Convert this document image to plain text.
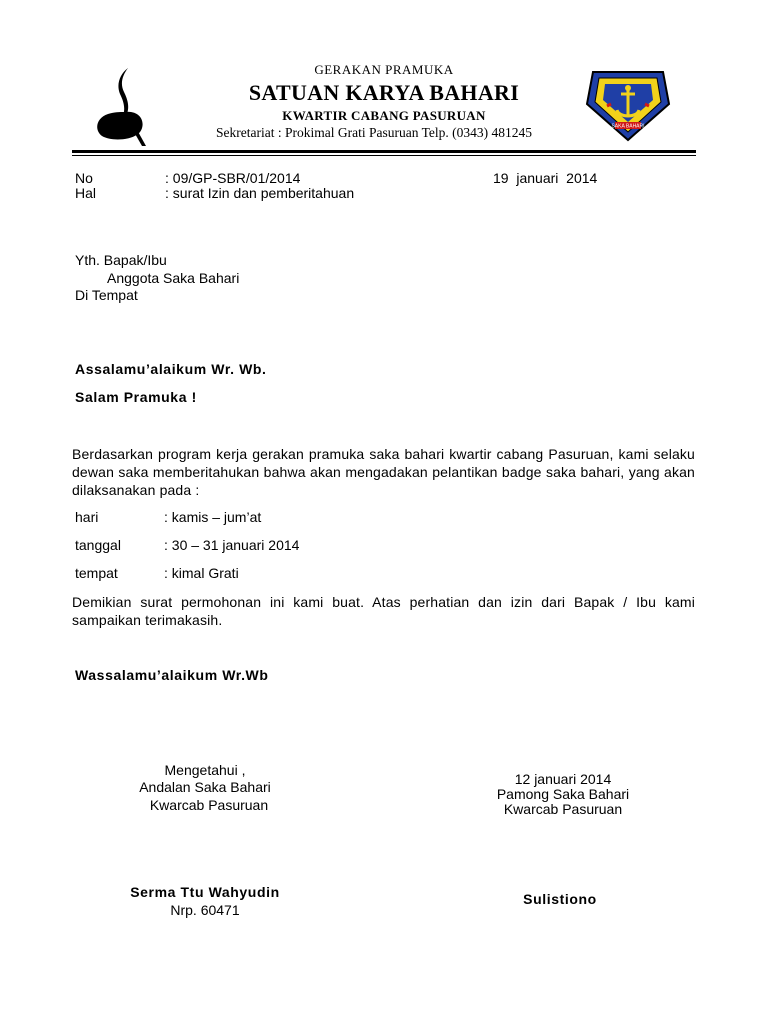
GERAKAN PRAMUKA
SATUAN KARYA BAHARI
KWARTIR CABANG PASURUAN
Sekretariat : Prokimal Grati Pasuruan Telp. (0343) 481245	SAKA BAHARI
No	: 09/GP-SBR/01/2014	19  januari  2014
Hal	: surat Izin dan pemberitahuan
Yth. Bapak/Ibu
Anggota Saka Bahari
Di Tempat
Assalamu’alaikum Wr. Wb.
Salam Pramuka !
Berdasarkan program kerja gerakan pramuka saka bahari kwartir cabang Pasuruan, kami selaku dewan saka memberitahukan bahwa akan mengadakan pelantikan badge saka bahari, yang akan dilaksanakan pada :
hari	: kamis – jum’at
tanggal	: 30 – 31 januari 2014
tempat	: kimal Grati
Demikian surat permohonan ini kami buat. Atas perhatian dan izin dari Bapak / Ibu kami sampaikan terimakasih.
Wassalamu’alaikum Wr.Wb
Mengetahui ,
Andalan Saka Bahari
Kwarcab Pasuruan
Serma Ttu Wahyudin
Nrp. 60471
12 januari 2014
Pamong Saka Bahari
Kwarcab Pasuruan
Sulistiono
